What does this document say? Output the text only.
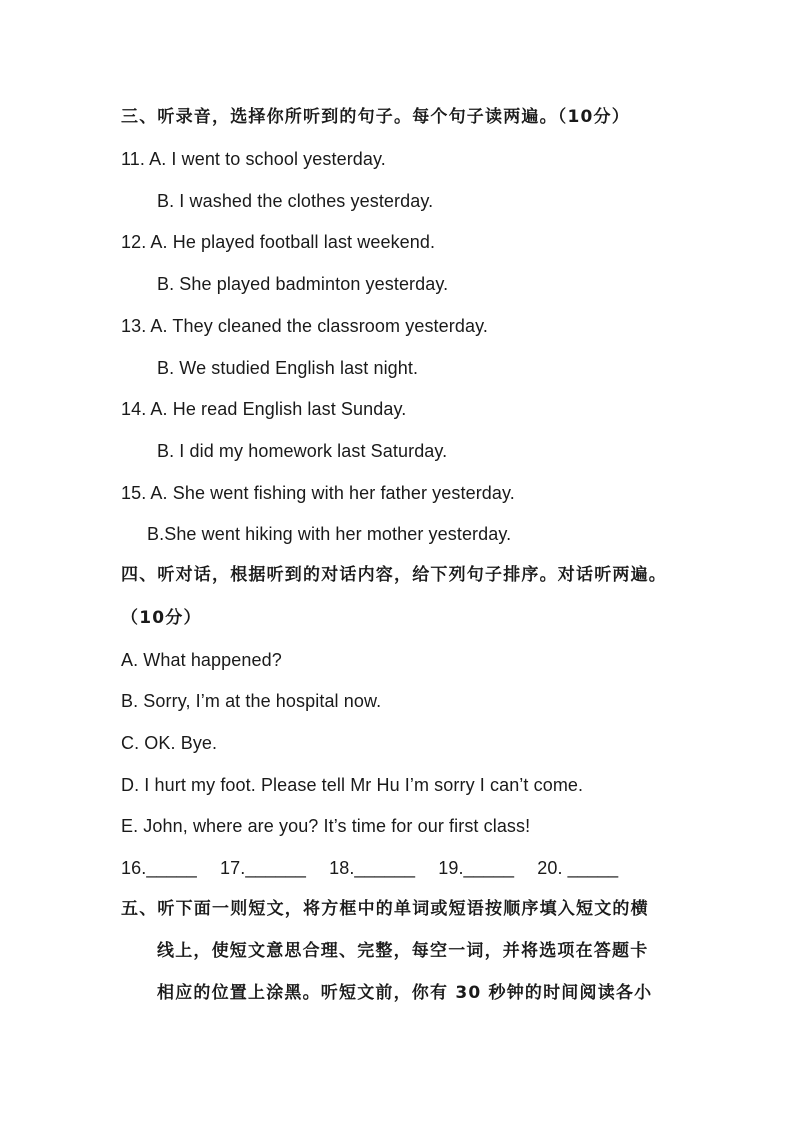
三、听录音，选择你所听到的句子。每个句子读两遍。（10分）
11. A. I went to school yesterday.
B. I washed the clothes yesterday.
12. A. He played football last weekend.
B. She played badminton yesterday.
13. A. They cleaned the classroom yesterday.
B. We studied English last night.
14. A. He read English last Sunday.
B. I did my homework last Saturday.
15. A. She went fishing with her father yesterday.
B.She went hiking with her mother yesterday.
四、听对话，根据听到的对话内容，给下列句子排序。对话听两遍。
（10分）
A. What happened?
B. Sorry, I’m at the hospital now.
C. OK. Bye.
D. I hurt my foot. Please tell Mr Hu I’m sorry I can’t come.
E. John, where are you? It’s time for our first class!
16._____ 17.______ 18.______ 19._____ 20. _____
五、听下面一则短文，将方框中的单词或短语按顺序填入短文的横
线上，使短文意思合理、完整，每空一词，并将选项在答题卡
相应的位置上涂黑。听短文前，你有 30 秒钟的时间阅读各小
